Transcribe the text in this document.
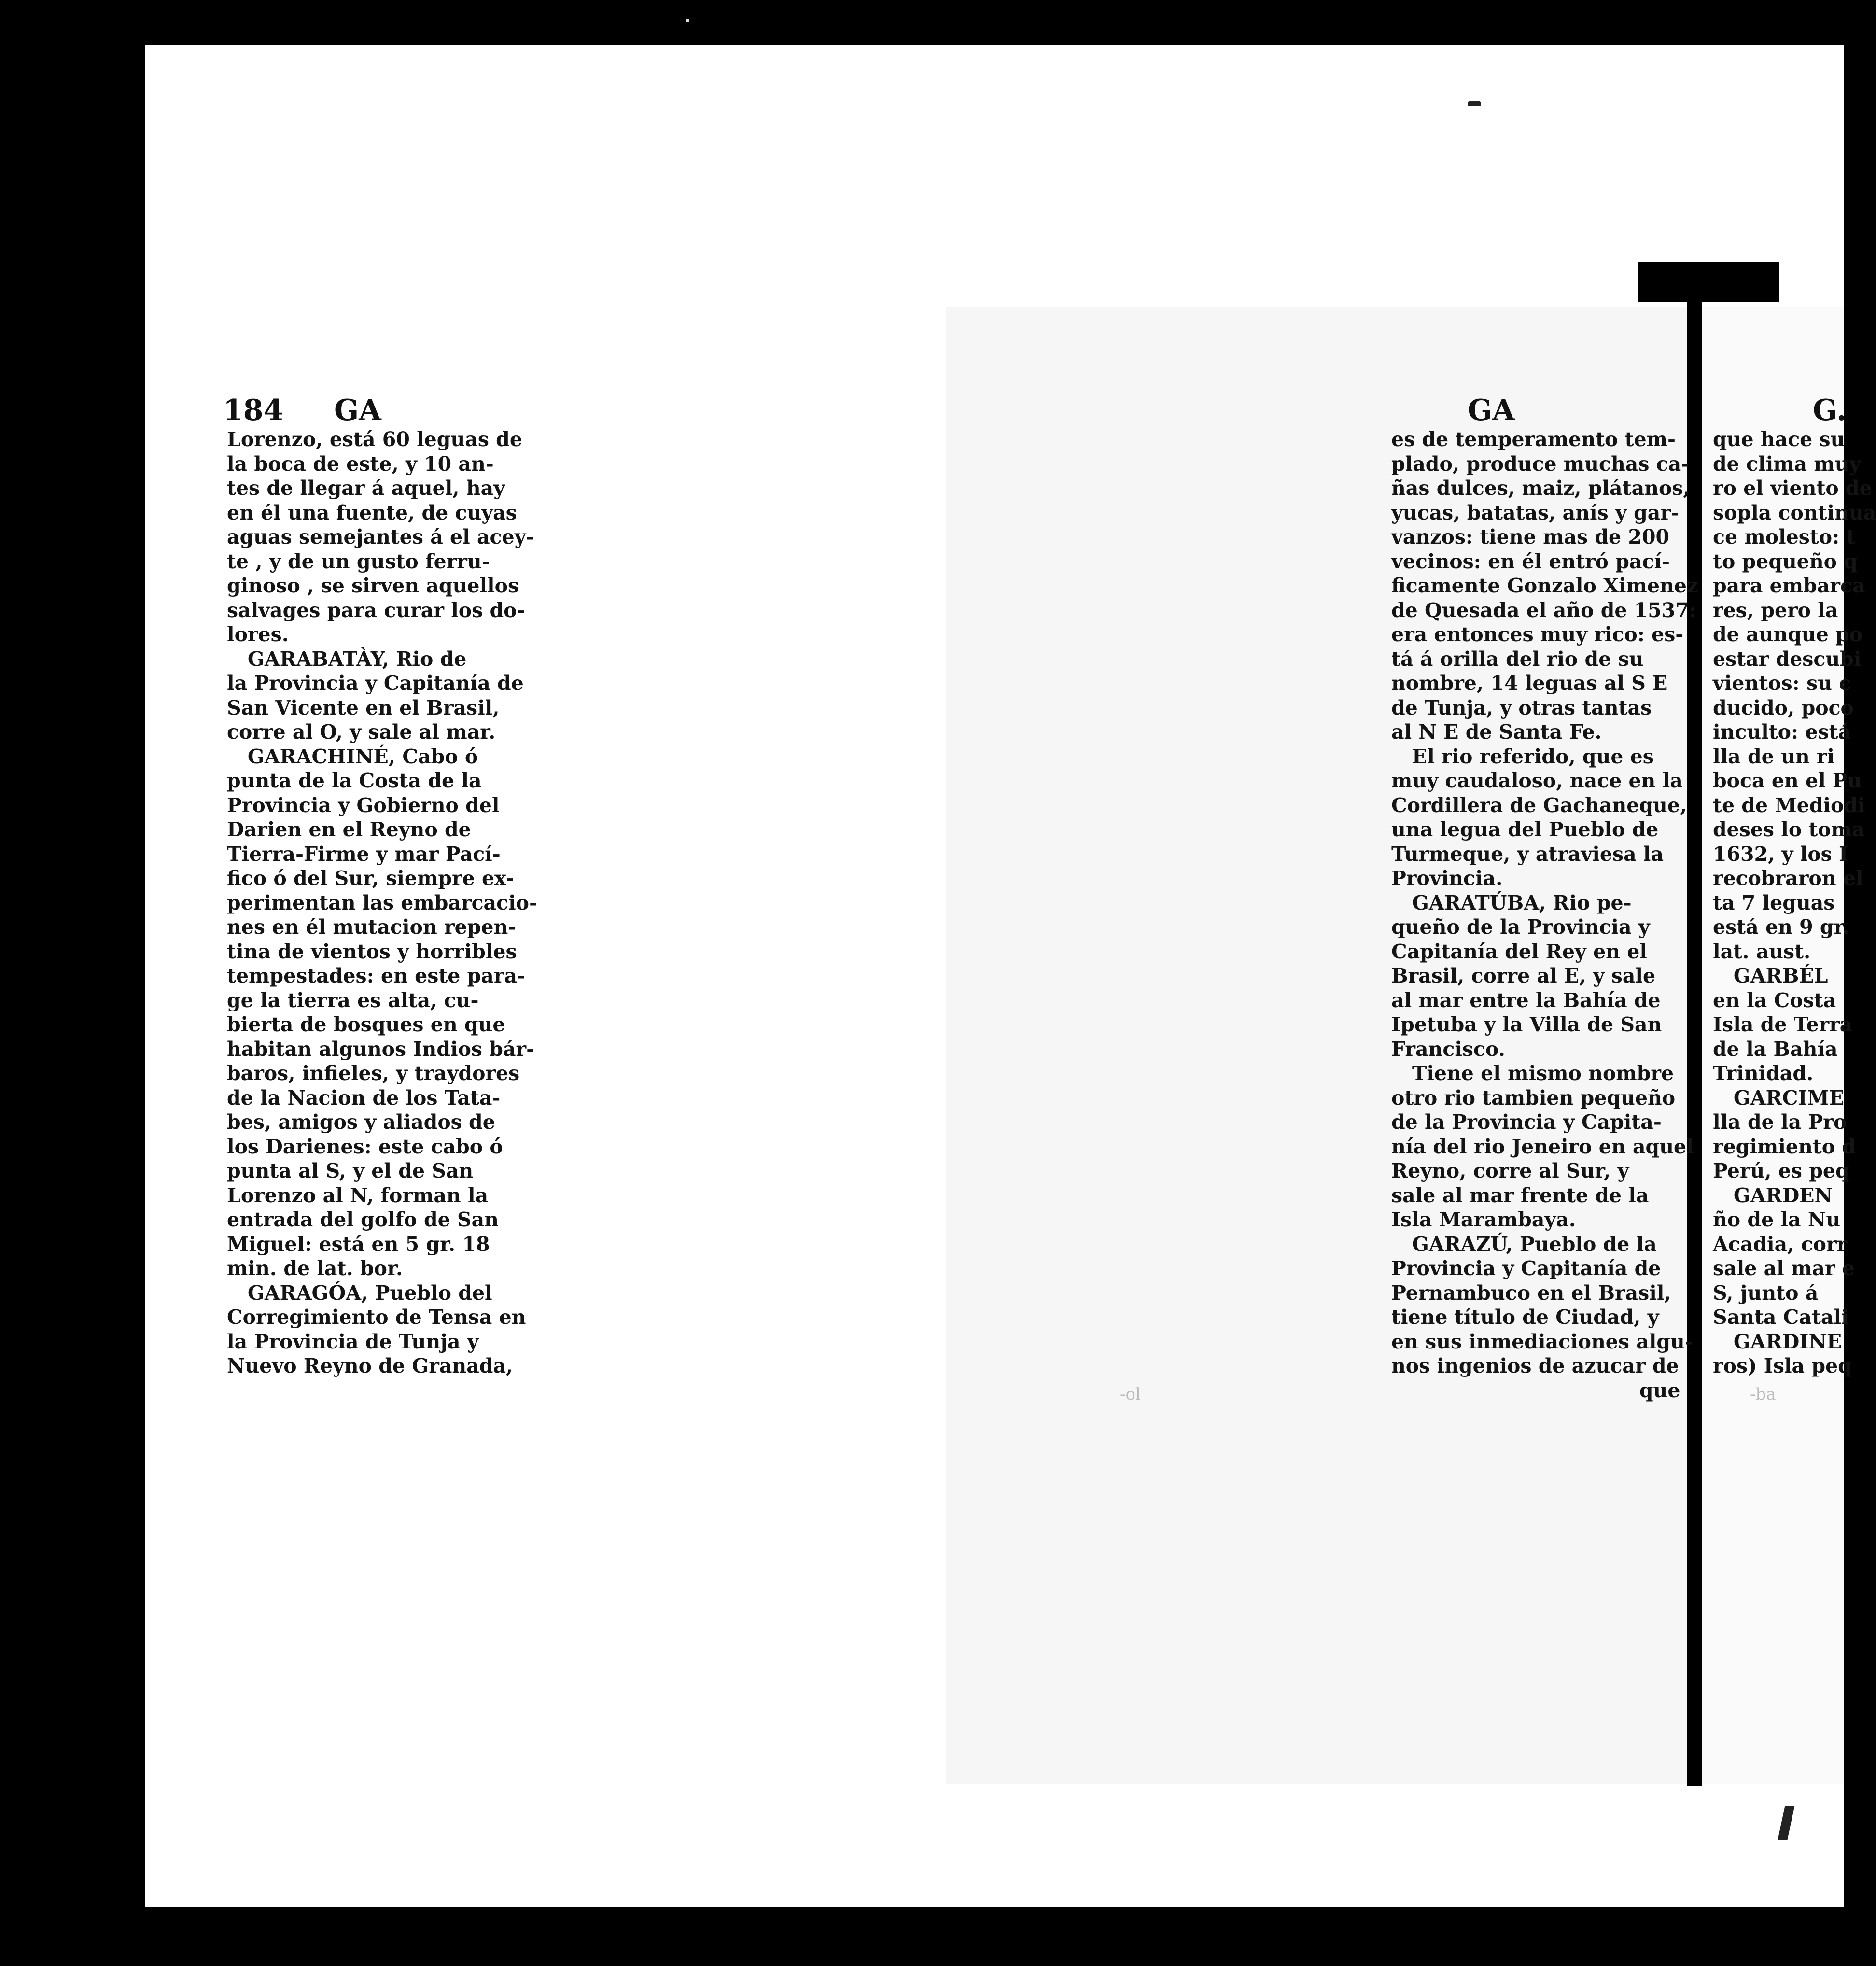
184 GA	GA	G.
Lorenzo, está 60 leguas de
la boca de este, y 10 an-
tes de llegar á aquel, hay
en él una fuente, de cuyas
aguas semejantes á el acey-
te , y de un gusto ferru-
ginoso , se sirven aquellos
salvages para curar los do-
lores.
GARABATÀY, Rio de
la Provincia y Capitanía de
San Vicente en el Brasil,
corre al O, y sale al mar.
GARACHINÉ, Cabo ó
punta de la Costa de la
Provincia y Gobierno del
Darien en el Reyno de
Tierra-Firme y mar Pací-
fico ó del Sur, siempre ex-
perimentan las embarcacio-
nes en él mutacion repen-
tina de vientos y horribles
tempestades: en este para-
ge la tierra es alta, cu-
bierta de bosques en que
habitan algunos Indios bár-
baros, infieles, y traydores
de la Nacion de los Tata-
bes, amigos y aliados de
los Darienes: este cabo ó
punta al S, y el de San
Lorenzo al N, forman la
entrada del golfo de San
Miguel: está en 5 gr. 18
min. de lat. bor.
GARAGÓA, Pueblo del
Corregimiento de Tensa en
la Provincia de Tunja y
Nuevo Reyno de Granada,
es de temperamento tem-
plado, produce muchas ca-
ñas dulces, maiz, plátanos,
yucas, batatas, anís y gar-
vanzos: tiene mas de 200
vecinos: en él entró pací-
ficamente Gonzalo Ximenez
de Quesada el año de 1537:
era entonces muy rico: es-
tá á orilla del rio de su
nombre, 14 leguas al S E
de Tunja, y otras tantas
al N E de Santa Fe.
El rio referido, que es
muy caudaloso, nace en la
Cordillera de Gachaneque,
una legua del Pueblo de
Turmeque, y atraviesa la
Provincia.
GARATÚBA, Rio pe-
queño de la Provincia y
Capitanía del Rey en el
Brasil, corre al E, y sale
al mar entre la Bahía de
Ipetuba y la Villa de San
Francisco.
Tiene el mismo nombre
otro rio tambien pequeño
de la Provincia y Capita-
nía del rio Jeneiro en aquel
Reyno, corre al Sur, y
sale al mar frente de la
Isla Marambaya.
GARAZÚ, Pueblo de la
Provincia y Capitanía de
Pernambuco en el Brasil,
tiene título de Ciudad, y
en sus inmediaciones algu-
nos ingenios de azucar de
que
que hace su
de clima muy
ro el viento de
sopla continua
ce molesto: t
to pequeño q
para embarca
res, pero la
de aunque po
estar descubi
vientos: su c
ducido, poco
inculto: está
lla de un ri
boca en el Pu
te de Mediodi
deses lo toma
1632, y los I
recobraron el
ta 7 leguas
está en 9 gr.
lat. aust.
GARBÉL
en la Costa
Isla de Terra
de la Bahía
Trinidad.
GARCIME
lla de la Pro
regimiento d
Perú, es peq
GARDEN
ño de la Nu
Acadia, corr
sale al mar e
S, junto á
Santa Catali
GARDINE
ros) Isla peq
-ol	-ba
